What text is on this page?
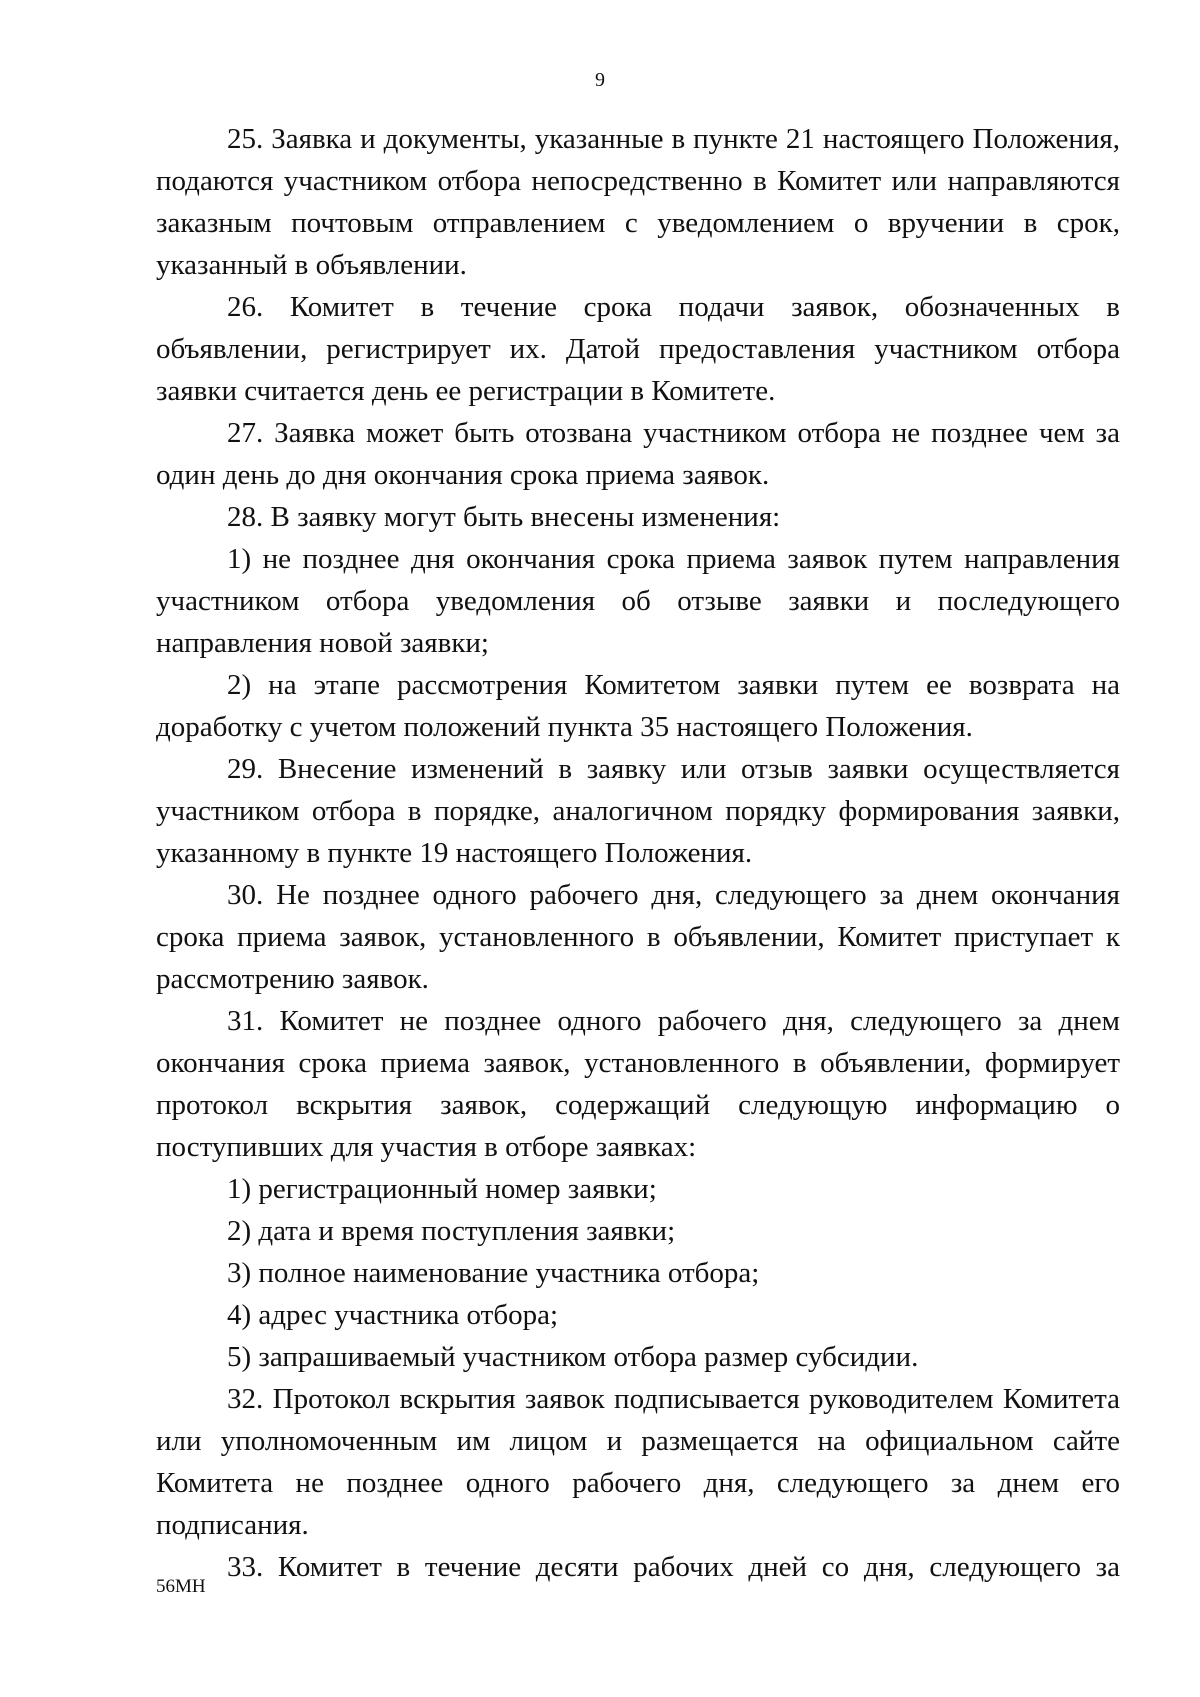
9

25. Заявка и документы, указанные в пункте 21 настоящего Положения, подаются участником отбора непосредственно в Комитет или направляются заказным почтовым отправлением с уведомлением о вручении в срок, указанный в объявлении.

26. Комитет в течение срока подачи заявок, обозначенных в объявлении, регистрирует их. Датой предоставления участником отбора заявки считается день ее регистрации в Комитете.

27. Заявка может быть отозвана участником отбора не позднее чем за один день до дня окончания срока приема заявок.

28. В заявку могут быть внесены изменения:

1) не позднее дня окончания срока приема заявок путем направления участником отбора уведомления об отзыве заявки и последующего направления новой заявки;

2) на этапе рассмотрения Комитетом заявки путем ее возврата на доработку с учетом положений пункта 35 настоящего Положения.

29. Внесение изменений в заявку или отзыв заявки осуществляется участником отбора в порядке, аналогичном порядку формирования заявки, указанному в пункте 19 настоящего Положения.

30. Не позднее одного рабочего дня, следующего за днем окончания срока приема заявок, установленного в объявлении, Комитет приступает к рассмотрению заявок.

31. Комитет не позднее одного рабочего дня, следующего за днем окончания срока приема заявок, установленного в объявлении, формирует протокол вскрытия заявок, содержащий следующую информацию о поступивших для участия в отборе заявках:

1) регистрационный номер заявки;

2) дата и время поступления заявки;

3) полное наименование участника отбора;

4) адрес участника отбора;

5) запрашиваемый участником отбора размер субсидии.

32. Протокол вскрытия заявок подписывается руководителем Комитета или уполномоченным им лицом и размещается на официальном сайте Комитета не позднее одного рабочего дня, следующего за днем его подписания.

33. Комитет в течение десяти рабочих дней со дня, следующего за

56МН
